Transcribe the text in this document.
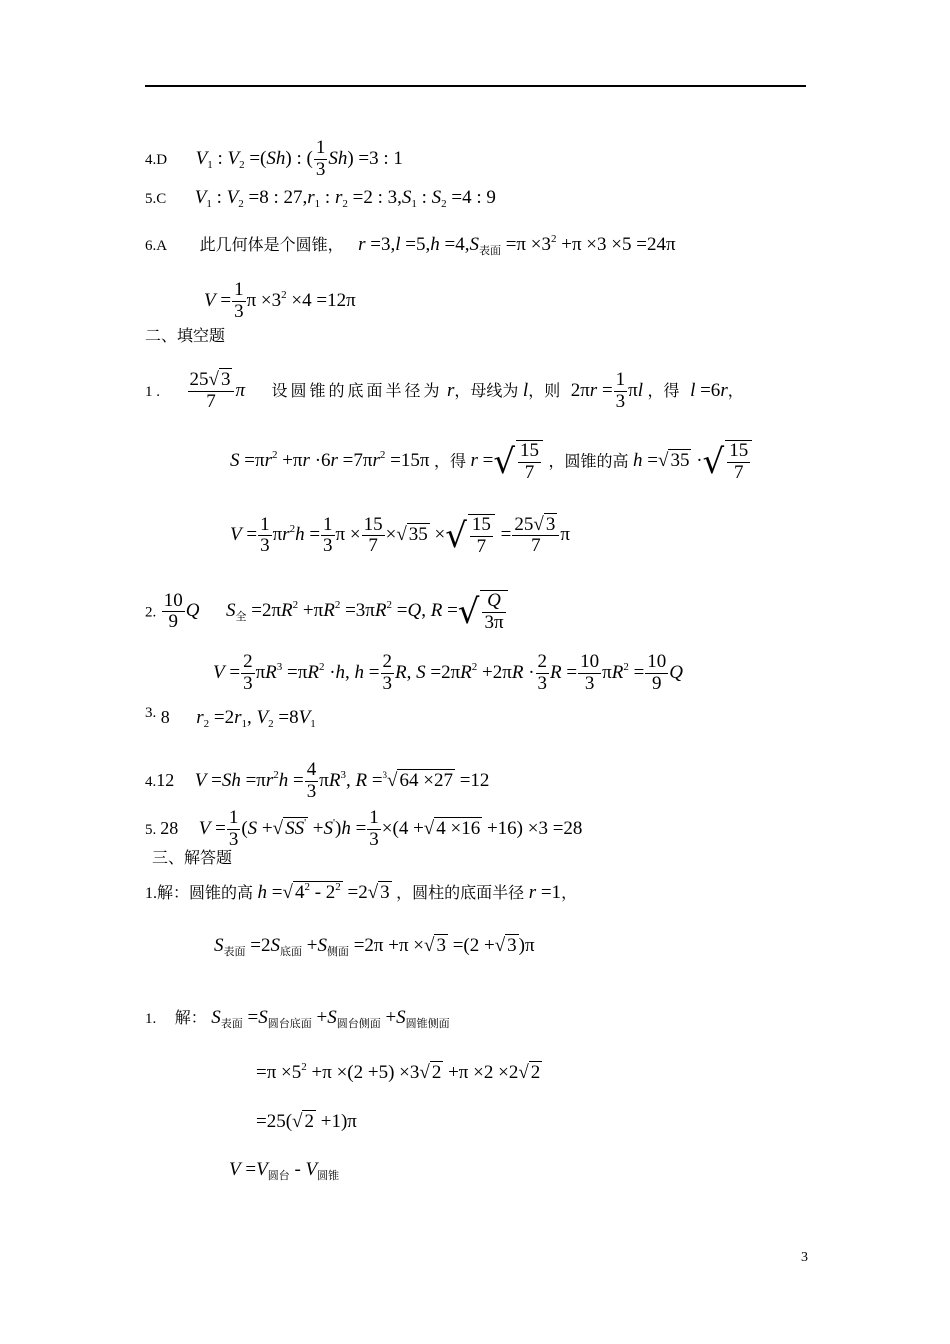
4.D $V_1$ : $V_2 =(Sh)$ : ( $\frac{1}{3} Sh) =3$ : 1
5.C $V_1$ : $V_2 =8$ : $27,r_1$ : $r_2 =2$ : $3,S_1$ : $S_2 =4$ : 9
6.A 此几何体是个圆锥， $r =3,l =5,h =4,S_{表面} =\pi \times 3^2 +\pi \times 3 \times 5 =24\pi$
$V = \frac{1}{3}$ $\pi \times 3^2 \times 4 =12\pi$
二、填空题
1 . $\frac{25√ 3}{7}$ π 设圆锥的底面半径为 r，母线为 l，则 $2\pi r = \frac{1}{3}$ πl ，得 l =6r，
$S =\pi r^2 +\pi r \cdot 6r =7\pi r^2 =15\pi$ ，得 r =√ $\frac{15}{7}$ ，圆锥的高 h =√ 35 ·√ $\frac{15}{7}$
$V = \frac{1}{3} \pi r^2h = \frac{1}{3}$ $\pi \times \frac{15}{7}$ ×√ 35 ×√ $\frac{15}{7} = \frac{25√ 3}{7}$ π
2. $\frac{10}{9}$ Q $S_全 =2\pi R^2 +\pi R^2 =3\pi R^2 =Q$, R =√ $\frac{Q}{3\pi}$
$V = \frac{2}{3} \pi R^3 =\pi R^2 \cdot h$, $h = \frac{2}{3} R$, $S =2\pi R^2 +2\pi R \cdot \frac{2}{3}$ $R = \frac{10}{3} \pi R^2 = \frac{10}{9}$ Q
$^{3.}$ 8 $r_2 =2r_1$, $V_2 =8V_1$
4.12 $V =Sh =\pi r^2h = \frac{4}{3} \pi R^3$, R =$^3$√ 64 ×27 =12
5. 28 $V = \frac{1}{3} (S$ +√ $SS' +S')h = \frac{1}{3} \times(4$ +√ 4 ×16 +16) ×3 =28
三、解答题
1.解：圆锥的高 h =√ $4^2 - 2^2 =2√$ 3 ，圆柱的底面半径 r =1，
$S_{表面} =2S_{底面} +S_{侧面} =2\pi +\pi$ ×√ 3 =(2 +√ 3 )π
1. 解： $S_{表面} =S_{圆台底面} +S_{圆台侧面} +S_{圆锥侧面}$
$=\pi \times 5^2 +\pi \times(2 +5) \times 3√$ 2 +π ×2 ×2√ 2
=25(√ 2 +1)π
$V =V_{圆台} - V_{圆锥}$
3
